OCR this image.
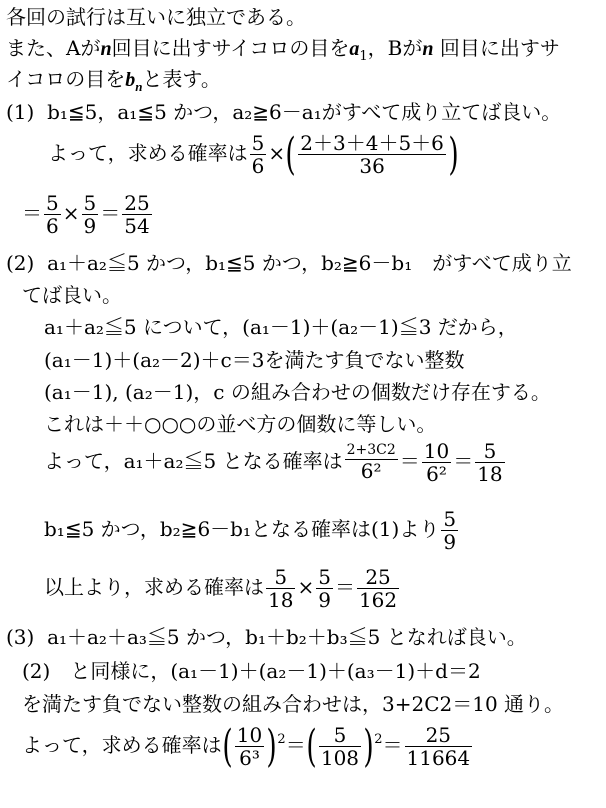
各回の試行は互いに独立である。
また、Aがn回目に出すサイコロの目を$a_1$，Bがn 回目に出すサ
イコロの目を$b_n$と表す。
(1) b₁≦5，a₁≦5 かつ，a₂≧6－a₁がすべて成り立てば良い。
よって，求める確率は $\frac{5}{6}$ ×( $\frac{2+3+4+5+6}{36}$ )
＝ $\frac{5}{6} \times \frac{5}{9} = \frac{25}{54}$
(2) a₁＋a₂≦5 かつ，b₁≦5 かつ，b₂≧6－b₁　がすべて成り立
てば良い。
a₁＋a₂≦5 について，(a₁－1)＋(a₂－1)≦3 だから，
(a₁－1)＋(a₂－2)＋c＝3を満たす負でない整数
(a₁－1), (a₂－1)，c の組み合わせの個数だけ存在する。
これは＋＋○○○の並べ方の個数に等しい。
よって，a₁＋a₂≦5 となる確率は $\frac{2+3C2}{\text{6²}} = \frac{10}{\text{6²}} = \frac{5}{18}$
b₁≦5 かつ，b₂≧6－b₁となる確率は(1)より $\frac{5}{9}$
以上より，求める確率は $\frac{5}{18} \times \frac{5}{9} = \frac{25}{162}$
(3) a₁＋a₂＋a₃≦5 かつ，b₁＋b₂＋b₃≦5 となれば良い。
(2)　と同様に，(a₁－1)＋(a₂－1)＋(a₃－1)＋d＝2
を満たす負でない整数の組み合わせは，3+2C2＝10 通り。
よって，求める確率は( $\frac{10}{\text{6³}} )^2=( \frac{5}{108} )^2= \frac{25}{11664}$
